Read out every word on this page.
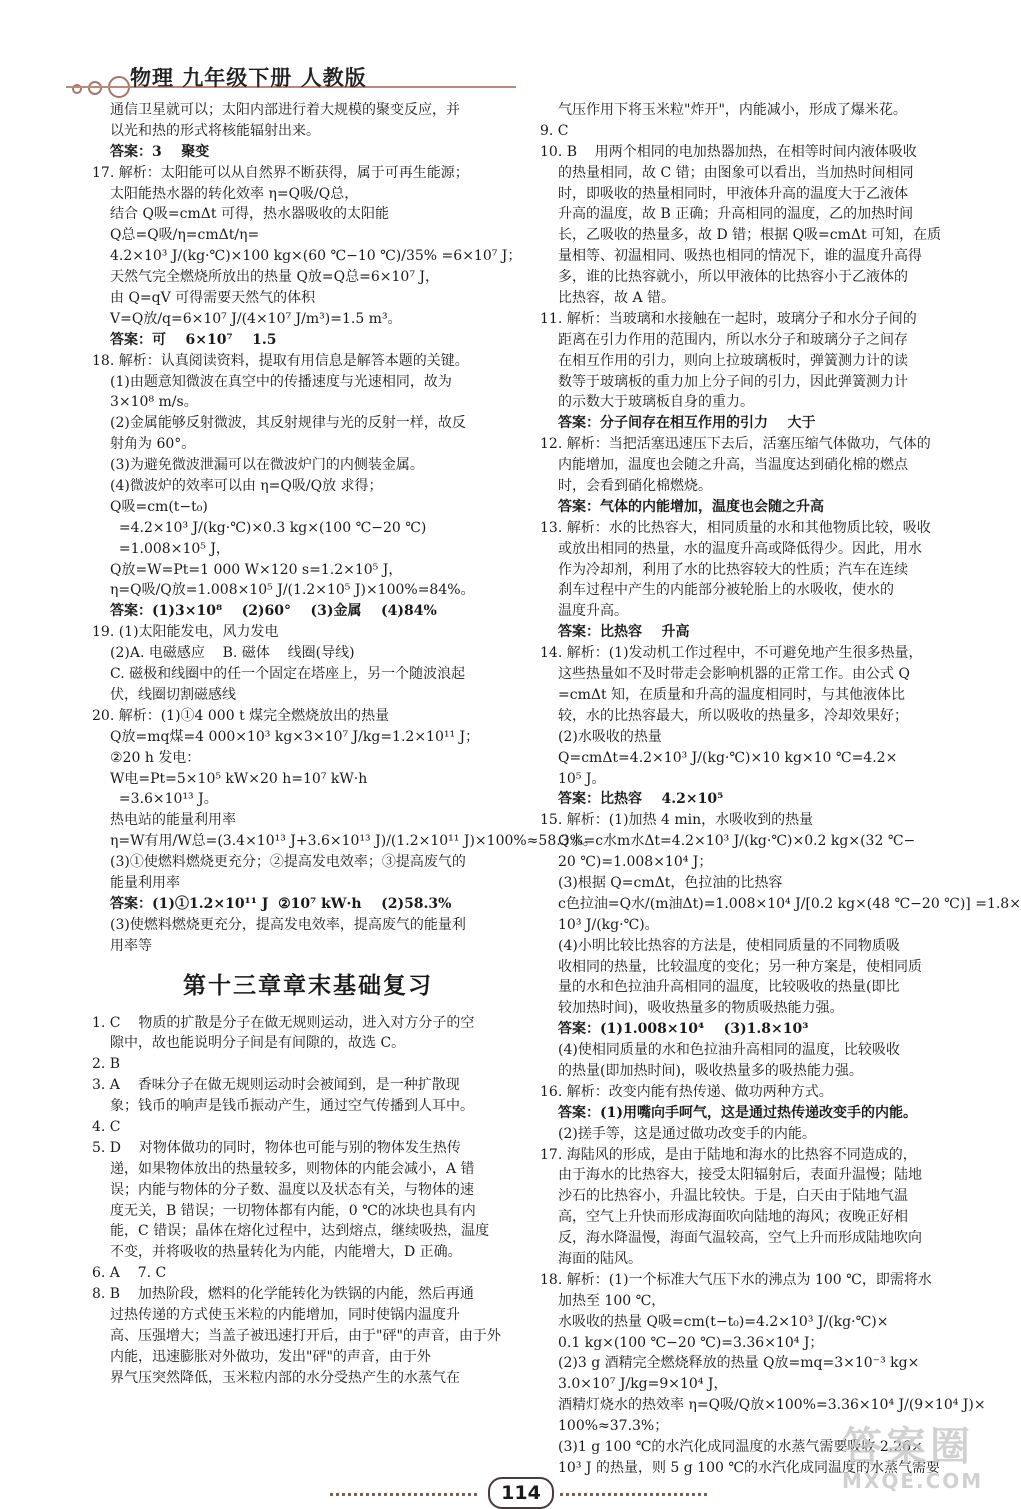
物理 九年级下册 人教版
通信卫星就可以；太阳内部进行着大规模的聚变反应，并
以光和热的形式将核能辐射出来。
答案：3    聚变
17. 解析：太阳能可以从自然界不断获得，属于可再生能源；
太阳能热水器的转化效率 η=Q吸/Q总，
结合 Q吸=cmΔt 可得，热水器吸收的太阳能
Q总=Q吸/η=cmΔt/η=
4.2×10³ J/(kg·℃)×100 kg×(60 ℃−10 ℃)/35% =6×10⁷ J；
天然气完全燃烧所放出的热量 Q放=Q总=6×10⁷ J，
由 Q=qV 可得需要天然气的体积
V=Q放/q=6×10⁷ J/(4×10⁷ J/m³)=1.5 m³。
答案：可    6×10⁷    1.5
18. 解析：认真阅读资料，提取有用信息是解答本题的关键。
(1)由题意知微波在真空中的传播速度与光速相同，故为
3×10⁸ m/s。
(2)金属能够反射微波，其反射规律与光的反射一样，故反
射角为 60°。
(3)为避免微波泄漏可以在微波炉门的内侧装金属。
(4)微波炉的效率可以由 η=Q吸/Q放 求得；
Q吸=cm(t−t₀)
=4.2×10³ J/(kg·℃)×0.3 kg×(100 ℃−20 ℃)
=1.008×10⁵ J，
Q放=W=Pt=1 000 W×120 s=1.2×10⁵ J，
η=Q吸/Q放=1.008×10⁵ J/(1.2×10⁵ J)×100%=84%。
答案：(1)3×10⁸    (2)60°    (3)金属    (4)84%
19. (1)太阳能发电，风力发电
(2)A. 电磁感应    B. 磁体    线圈(导线)
C. 磁极和线圈中的任一个固定在塔座上，另一个随波浪起
伏，线圈切割磁感线
20. 解析：(1)①4 000 t 煤完全燃烧放出的热量
Q放=mq煤=4 000×10³ kg×3×10⁷ J/kg=1.2×10¹¹ J；
②20 h 发电：
W电=Pt=5×10⁵ kW×20 h=10⁷ kW·h
=3.6×10¹³ J。
热电站的能量利用率
η=W有用/W总=(3.4×10¹³ J+3.6×10¹³ J)/(1.2×10¹¹ J)×100%≈58.3%。
(3)①使燃料燃烧更充分；②提高发电效率；③提高废气的
能量利用率
答案：(1)①1.2×10¹¹ J  ②10⁷ kW·h    (2)58.3%
(3)使燃料燃烧更充分，提高发电效率，提高废气的能量利
用率等
第十三章章末基础复习
1. C    物质的扩散是分子在做无规则运动，进入对方分子的空
隙中，故也能说明分子间是有间隙的，故选 C。
2. B
3. A    香味分子在做无规则运动时会被闻到，是一种扩散现
象；钱币的响声是钱币振动产生，通过空气传播到人耳中。
4. C
5. D    对物体做功的同时，物体也可能与别的物体发生热传
递，如果物体放出的热量较多，则物体的内能会减小，A 错
误；内能与物体的分子数、温度以及状态有关，与物体的速
度无关，B 错误；一切物体都有内能，0 ℃的冰块也具有内
能，C 错误；晶体在熔化过程中，达到熔点，继续吸热，温度
不变，并将吸收的热量转化为内能，内能增大，D 正确。
6. A    7. C
8. B    加热阶段，燃料的化学能转化为铁锅的内能，然后再通
过热传递的方式使玉米粒的内能增加，同时使锅内温度升
高、压强增大；当盖子被迅速打开后，由于"砰"的声音，由于外
内能，迅速膨胀对外做功，发出"砰"的声音，由于外
界气压突然降低，玉米粒内部的水分受热产生的水蒸气在
气压作用下将玉米粒"炸开"，内能减小，形成了爆米花。
9. C
10. B    用两个相同的电加热器加热，在相等时间内液体吸收
的热量相同，故 C 错；由图象可以看出，当加热时间相同
时，即吸收的热量相同时，甲液体升高的温度大于乙液体
升高的温度，故 B 正确；升高相同的温度，乙的加热时间
长，乙吸收的热量多，故 D 错；根据 Q吸=cmΔt 可知，在质
量相等、初温相同、吸热也相同的情况下，谁的温度升高得
多，谁的比热容就小，所以甲液体的比热容小于乙液体的
比热容，故 A 错。
11. 解析：当玻璃和水接触在一起时，玻璃分子和水分子间的
距离在引力作用的范围内，所以水分子和玻璃分子之间存
在相互作用的引力，则向上拉玻璃板时，弹簧测力计的读
数等于玻璃板的重力加上分子间的引力，因此弹簧测力计
的示数大于玻璃板自身的重力。
答案：分子间存在相互作用的引力    大于
12. 解析：当把活塞迅速压下去后，活塞压缩气体做功，气体的
内能增加，温度也会随之升高，当温度达到硝化棉的燃点
时，会看到硝化棉燃烧。
答案：气体的内能增加，温度也会随之升高
13. 解析：水的比热容大，相同质量的水和其他物质比较，吸收
或放出相同的热量，水的温度升高或降低得少。因此，用水
作为冷却剂，利用了水的比热容较大的性质；汽车在连续
刹车过程中产生的内能部分被轮胎上的水吸收，使水的
温度升高。
答案：比热容    升高
14. 解析：(1)发动机工作过程中，不可避免地产生很多热量，
这些热量如不及时带走会影响机器的正常工作。由公式 Q
=cmΔt 知，在质量和升高的温度相同时，与其他液体比
较，水的比热容最大，所以吸收的热量多，冷却效果好；
(2)水吸收的热量
Q=cmΔt=4.2×10³ J/(kg·℃)×10 kg×10 ℃=4.2×
10⁵ J。
答案：比热容    4.2×10⁵
15. 解析：(1)加热 4 min，水吸收到的热量
Q水=c水m水Δt=4.2×10³ J/(kg·℃)×0.2 kg×(32 ℃−
20 ℃)=1.008×10⁴ J；
(3)根据 Q=cmΔt，色拉油的比热容
c色拉油=Q水/(m油Δt)=1.008×10⁴ J/[0.2 kg×(48 ℃−20 ℃)] =1.8×
10³ J/(kg·℃)。
(4)小明比较比热容的方法是，使相同质量的不同物质吸
收相同的热量，比较温度的变化；另一种方案是，使相同质
量的水和色拉油升高相同的温度，比较吸收的热量(即比
较加热时间)，吸收热量多的物质吸热能力强。
答案：(1)1.008×10⁴    (3)1.8×10³
(4)使相同质量的水和色拉油升高相同的温度，比较吸收
的热量(即加热时间)，吸收热量多的吸热能力强。
16. 解析：改变内能有热传递、做功两种方式。
答案：(1)用嘴向手呵气，这是通过热传递改变手的内能。
(2)搓手等，这是通过做功改变手的内能。
17. 海陆风的形成，是由于陆地和海水的比热容不同造成的，
由于海水的比热容大，接受太阳辐射后，表面升温慢；陆地
沙石的比热容小，升温比较快。于是，白天由于陆地气温
高，空气上升快而形成海面吹向陆地的海风；夜晚正好相
反，海水降温慢，海面气温较高，空气上升而形成陆地吹向
海面的陆风。
18. 解析：(1)一个标准大气压下水的沸点为 100 ℃，即需将水
加热至 100 ℃，
水吸收的热量 Q吸=cm(t−t₀)=4.2×10³ J/(kg·℃)×
0.1 kg×(100 ℃−20 ℃)=3.36×10⁴ J；
(2)3 g 酒精完全燃烧释放的热量 Q放=mq=3×10⁻³ kg×
3.0×10⁷ J/kg=9×10⁴ J，
酒精灯烧水的热效率 η=Q吸/Q放×100%=3.36×10⁴ J/(9×10⁴ J)×
100%≈37.3%；
(3)1 g 100 ℃的水汽化成同温度的水蒸气需要吸收 2.26×
10³ J 的热量，则 5 g 100 ℃的水汽化成同温度的水蒸气需要
114
答案圈
MXQE.COM
